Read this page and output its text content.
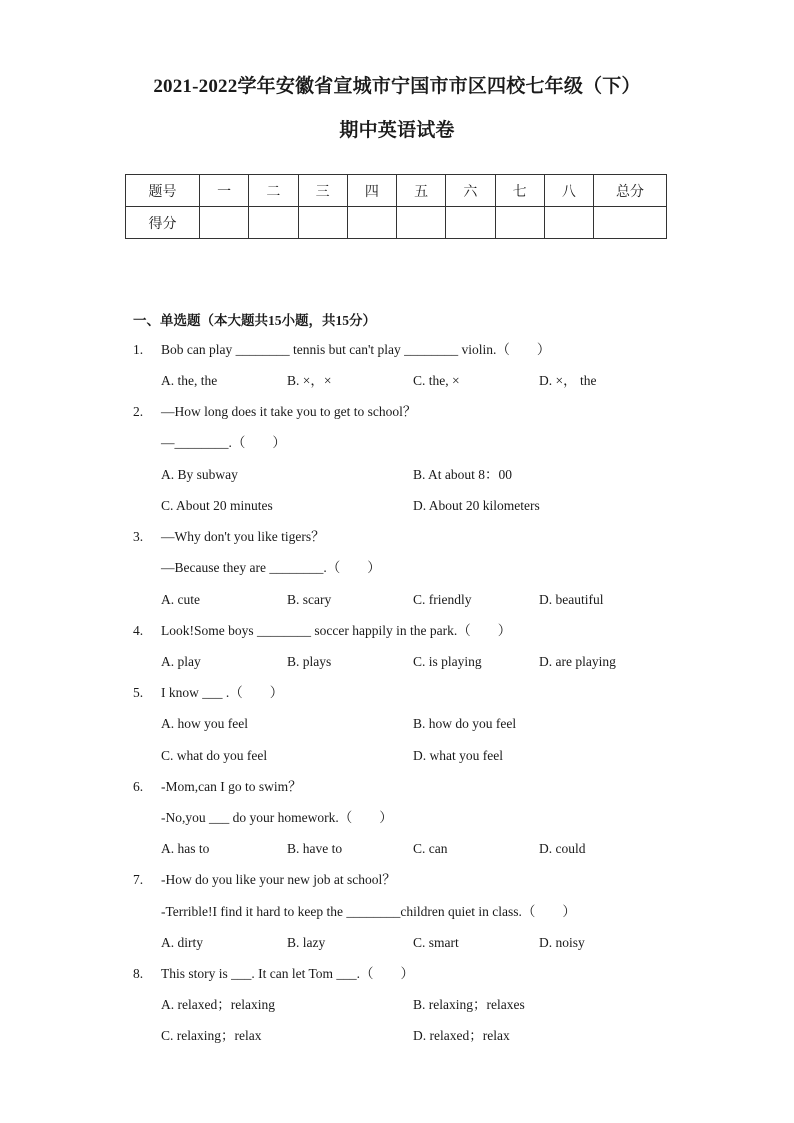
2021-2022学年安徽省宣城市宁国市市区四校七年级（下）
期中英语试卷
题号	一	二	三	四	五	六	七	八	总分
得分									
一、单选题（本大题共15小题，共15分）
1.	Bob can play ________ tennis but can't play ________ violin.（　　）
A. the, the	B. ×，×	C. the, ×	D. ×， the
2.	—How long does it take you to get to school？
—________.（　　）
A. By subway	B. At about 8：00
C. About 20 minutes	D. About 20 kilometers
3.	—Why don't you like tigers？
—Because they are ________.（　　）
A. cute	B. scary	C. friendly	D. beautiful
4.	Look!Some boys ________ soccer happily in the park.（　　）
A. play	B. plays	C. is playing	D. are playing
5.	I know ___ .（　　）
A. how you feel	B. how do you feel
C. what do you feel	D. what you feel
6.	-Mom,can I go to swim？
-No,you ___ do your homework.（　　）
A. has to	B. have to	C. can	D. could
7.	-How do you like your new job at school？
-Terrible!I find it hard to keep the ________children quiet in class.（　　）
A. dirty	B. lazy	C. smart	D. noisy
8.	This story is ___. It can let Tom ___.（　　）
A. relaxed；relaxing	B. relaxing；relaxes
C. relaxing；relax	D. relaxed；relax
